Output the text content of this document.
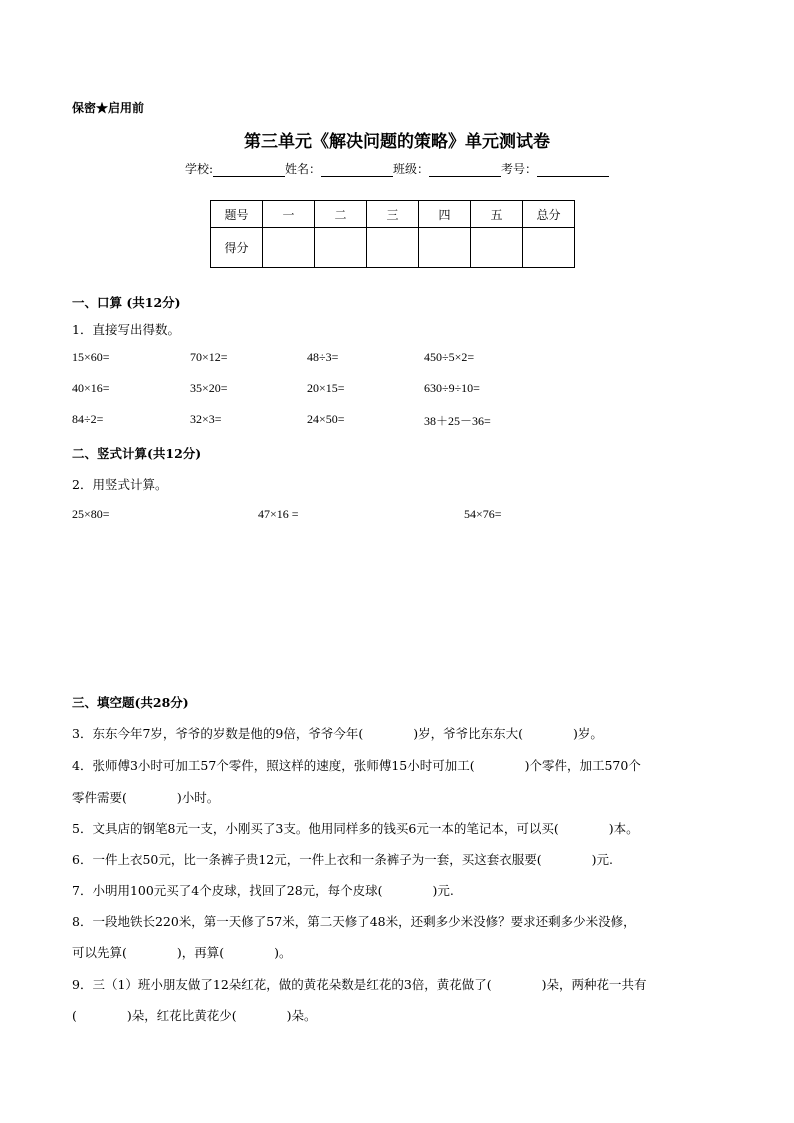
保密★启用前
第三单元《解决问题的策略》单元测试卷
学校:	姓名：	班级：	考号：
题号	一	二	三	四	五	总分
得分						
一、口算 (共12分)
1．直接写出得数。
15×60=	70×12=	48÷3=	450÷5×2=
40×16=	35×20=	20×15=	630÷9÷10=
84÷2=	32×3=	24×50=	38＋25－36=
二、竖式计算(共12分)
2．用竖式计算。
25×80=	47×16 =	54×76=
三、填空题(共28分)
3．东东今年7岁，爷爷的岁数是他的9倍，爷爷今年(　　　　)岁，爷爷比东东大(　　　　)岁。
4．张师傅3小时可加工57个零件，照这样的速度，张师傅15小时可加工(　　　　)个零件，加工570个
零件需要(　　　　)小时。
5．文具店的钢笔8元一支，小刚买了3支。他用同样多的钱买6元一本的笔记本，可以买(　　　　)本。
6．一件上衣50元，比一条裤子贵12元，一件上衣和一条裤子为一套，买这套衣服要(　　　　)元.
7．小明用100元买了4个皮球，找回了28元，每个皮球(　　　　)元.
8．一段地铁长220米，第一天修了57米，第二天修了48米，还剩多少米没修？要求还剩多少米没修，
可以先算(　　　　)，再算(　　　　)。
9．三（1）班小朋友做了12朵红花，做的黄花朵数是红花的3倍，黄花做了(　　　　)朵，两种花一共有
(　　　　)朵，红花比黄花少(　　　　)朵。
